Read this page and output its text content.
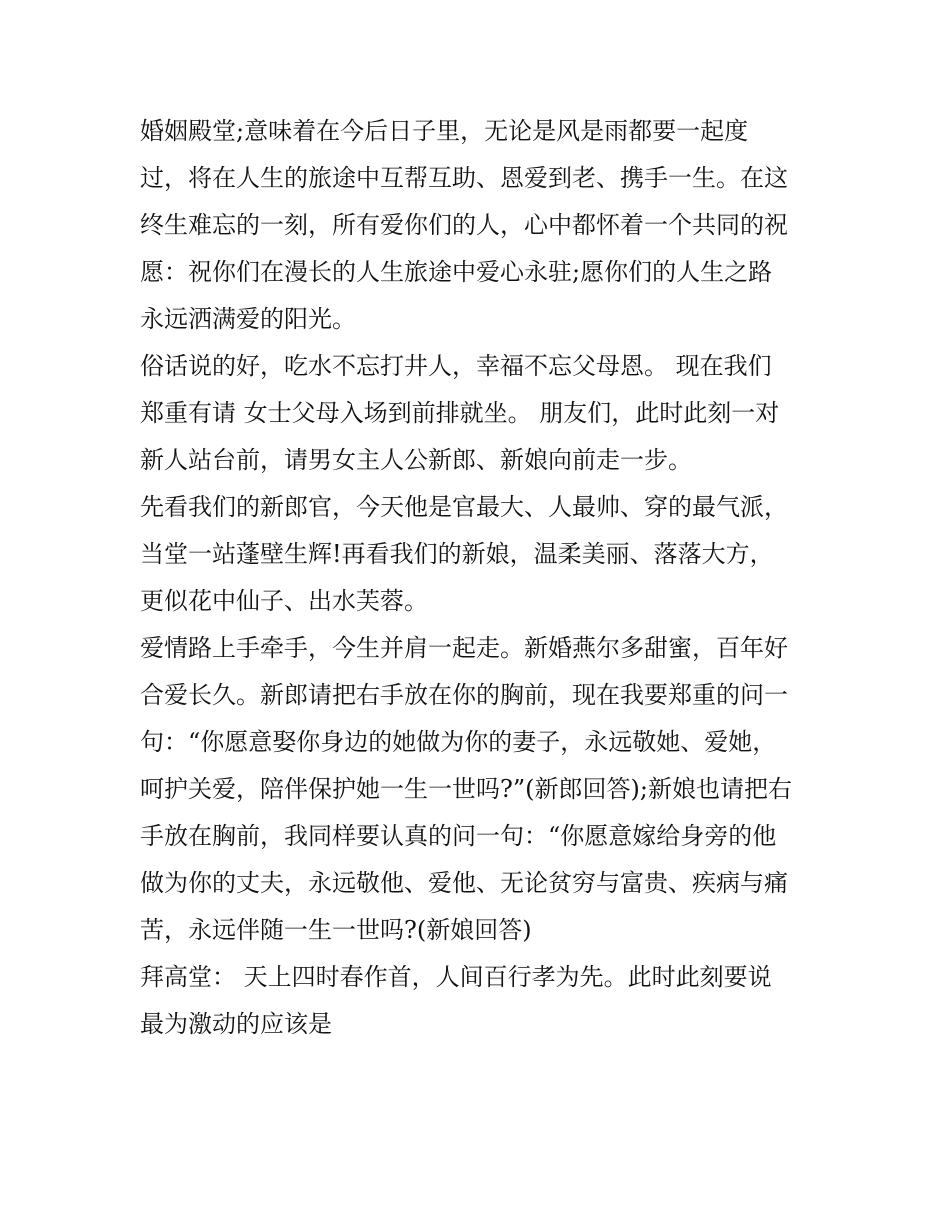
婚姻殿堂;意味着在今后日子里，无论是风是雨都要一起度
过，将在人生的旅途中互帮互助、恩爱到老、携手一生。在这
终生难忘的一刻，所有爱你们的人，心中都怀着一个共同的祝
愿：祝你们在漫长的人生旅途中爱心永驻;愿你们的人生之路
永远洒满爱的阳光。
俗话说的好，吃水不忘打井人，幸福不忘父母恩。 现在我们
郑重有请 女士父母入场到前排就坐。 朋友们，此时此刻一对
新人站台前，请男女主人公新郎、新娘向前走一步。
先看我们的新郎官，今天他是官最大、人最帅、穿的最气派，
当堂一站蓬壁生辉!再看我们的新娘，温柔美丽、落落大方，
更似花中仙子、出水芙蓉。
爱情路上手牵手，今生并肩一起走。新婚燕尔多甜蜜，百年好
合爱长久。新郎请把右手放在你的胸前，现在我要郑重的问一
句：“你愿意娶你身边的她做为你的妻子，永远敬她、爱她，
呵护关爱，陪伴保护她一生一世吗?”(新郎回答);新娘也请把右
手放在胸前，我同样要认真的问一句：“你愿意嫁给身旁的他
做为你的丈夫，永远敬他、爱他、无论贫穷与富贵、疾病与痛
苦，永远伴随一生一世吗?(新娘回答)
拜高堂： 天上四时春作首，人间百行孝为先。此时此刻要说
最为激动的应该是
